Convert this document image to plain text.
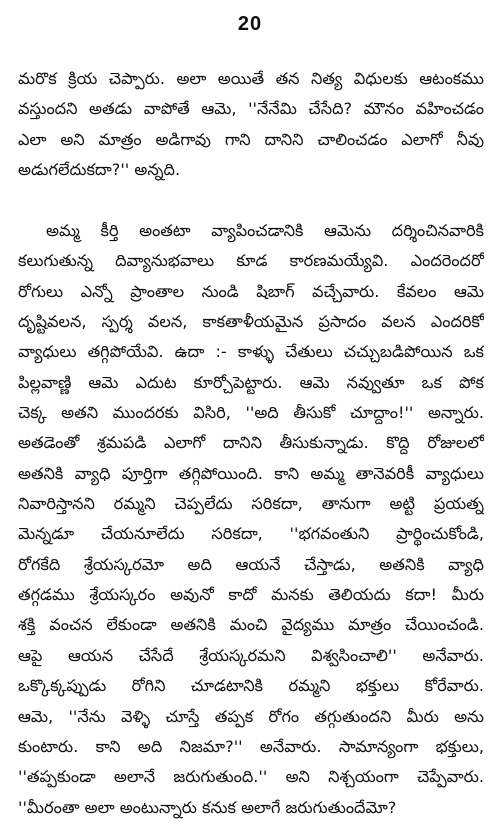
20
మరొక క్రియ చెప్పారు. అలా అయితే తన నిత్య విధులకు ఆటంకము
వస్తుందని అతడు వాపోతే ఆమె, ''నేనేమి చేసేది? మౌనం వహించడం
ఎలా అని మాత్రం అడిగావు గాని దానిని చాలించడం ఎలాగో నీవు
అడుగలేదుకదా?'' అన్నది.
అమ్మ కీర్తి అంతటా వ్యాపించడానికి ఆమెను దర్శించినవారికి
కలుగుతున్న దివ్యానుభవాలు కూడ కారణమయ్యేవి. ఎందరెందరో
రోగులు ఎన్నో ప్రాంతాల నుండి షిబాగ్ వచ్చేవారు. కేవలం ఆమె
దృష్టివలన, స్పర్శ వలన, కాకతాళీయమైన ప్రసాదం వలన ఎందరికో
వ్యాధులు తగ్గిపోయేవి. ఉదా :- కాళ్ళు చేతులు చచ్చుబడిపోయిన ఒక
పిల్లవాణ్ణి ఆమె ఎదుట కూర్చోపెట్టారు. ఆమె నవ్వుతూ ఒక పోక
చెక్క అతని ముందరకు విసిరి, ''అది తీసుకో చూద్దాం!'' అన్నారు.
అతడెంతో శ్రమపడి ఎలాగో దానిని తీసుకున్నాడు. కొద్ది రోజులలో
అతనికి వ్యాధి పూర్తిగా తగ్గిపోయింది. కాని అమ్మ తానెవరికీ వ్యాధులు
నివారిస్తానని రమ్మని చెప్పలేదు సరికదా, తానుగా అట్టి ప్రయత్న
మెన్నడూ చేయనూలేదు సరికదా, ''భగవంతుని ప్రార్థించుకోండి,
రోగకేది శ్రేయస్కరమో అది ఆయనే చేస్తాడు, అతనికి వ్యాధి
తగ్గడము శ్రేయస్కరం అవునో కాదో మనకు తెలియదు కదా! మీరు
శక్తి వంచన లేకుండా అతనికి మంచి వైద్యము మాత్రం చేయించండి.
ఆపై ఆయన చేసేదే శ్రేయస్కరమని విశ్వసించాలి'' అనేవారు.
ఒక్కొక్కప్పుడు రోగిని చూడటానికి రమ్మని భక్తులు కోరేవారు.
ఆమె, ''నేను వెళ్ళి చూస్తే తప్పక రోగం తగ్గుతుందని మీరు అను
కుంటారు. కాని అది నిజమా?'' అనేవారు. సామాన్యంగా భక్తులు,
''తప్పకుండా అలానే జరుగుతుంది.'' అని నిశ్చయంగా చెప్పేవారు.
''మీరంతా అలా అంటున్నారు కనుక అలాగే జరుగుతుందేమో?
